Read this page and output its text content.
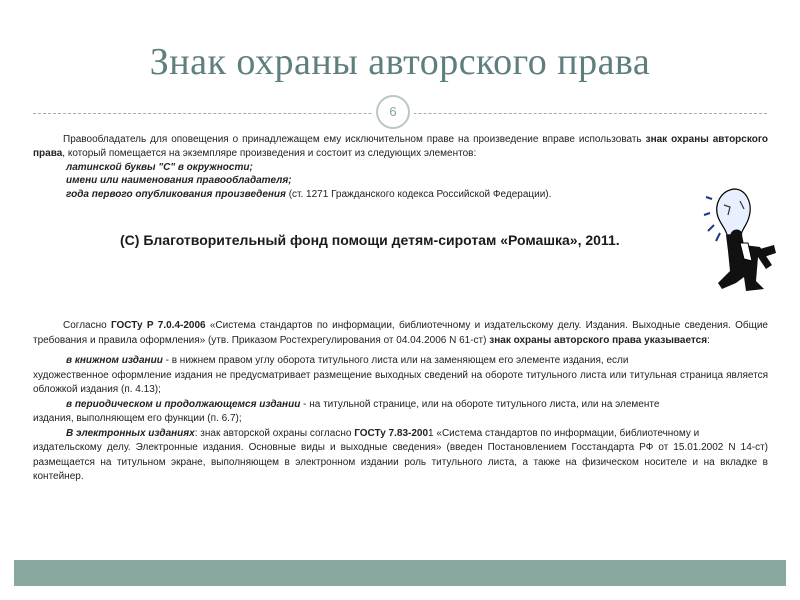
Знак охраны авторского права
6

Правообладатель для оповещения о принадлежащем ему исключительном праве на произведение вправе использовать знак охраны авторского права, который помещается на экземпляре произведения и состоит из следующих элементов:

латинской буквы "C" в окружности;
имени или наименования правообладателя;
года первого опубликования произведения (ст. 1271 Гражданского кодекса Российской Федерации).
(С) Благотворительный фонд помощи детям-сиротам «Ромашка», 2011.

Согласно ГОСТу Р 7.0.4-2006 «Система стандартов по информации, библиотечному и издательскому делу. Издания. Выходные сведения. Общие требования и правила оформления» (утв. Приказом Ростехрегулирования от 04.04.2006 N 61-ст) знак охраны авторского права указывается:

в книжном издании - в нижнем правом углу оборота титульного листа или на заменяющем его элементе издания, если

художественное оформление издания не предусматривает размещение выходных сведений на обороте титульного листа или титульная страница является обложкой издания (п. 4.13);

в периодическом и продолжающемся издании - на титульной странице, или на обороте титульного листа, или на элементе

издания, выполняющем его функции (п. 6.7);

В электронных изданиях: знак авторской охраны согласно ГОСТу 7.83-2001 «Система стандартов по информации, библиотечному и

издательскому делу. Электронные издания. Основные виды и выходные сведения» (введен Постановлением Госстандарта РФ от 15.01.2002 N 14-ст) размещается на титульном экране, выполняющем в электронном издании роль титульного листа, а также на физическом носителе и на вкладке в контейнер.
